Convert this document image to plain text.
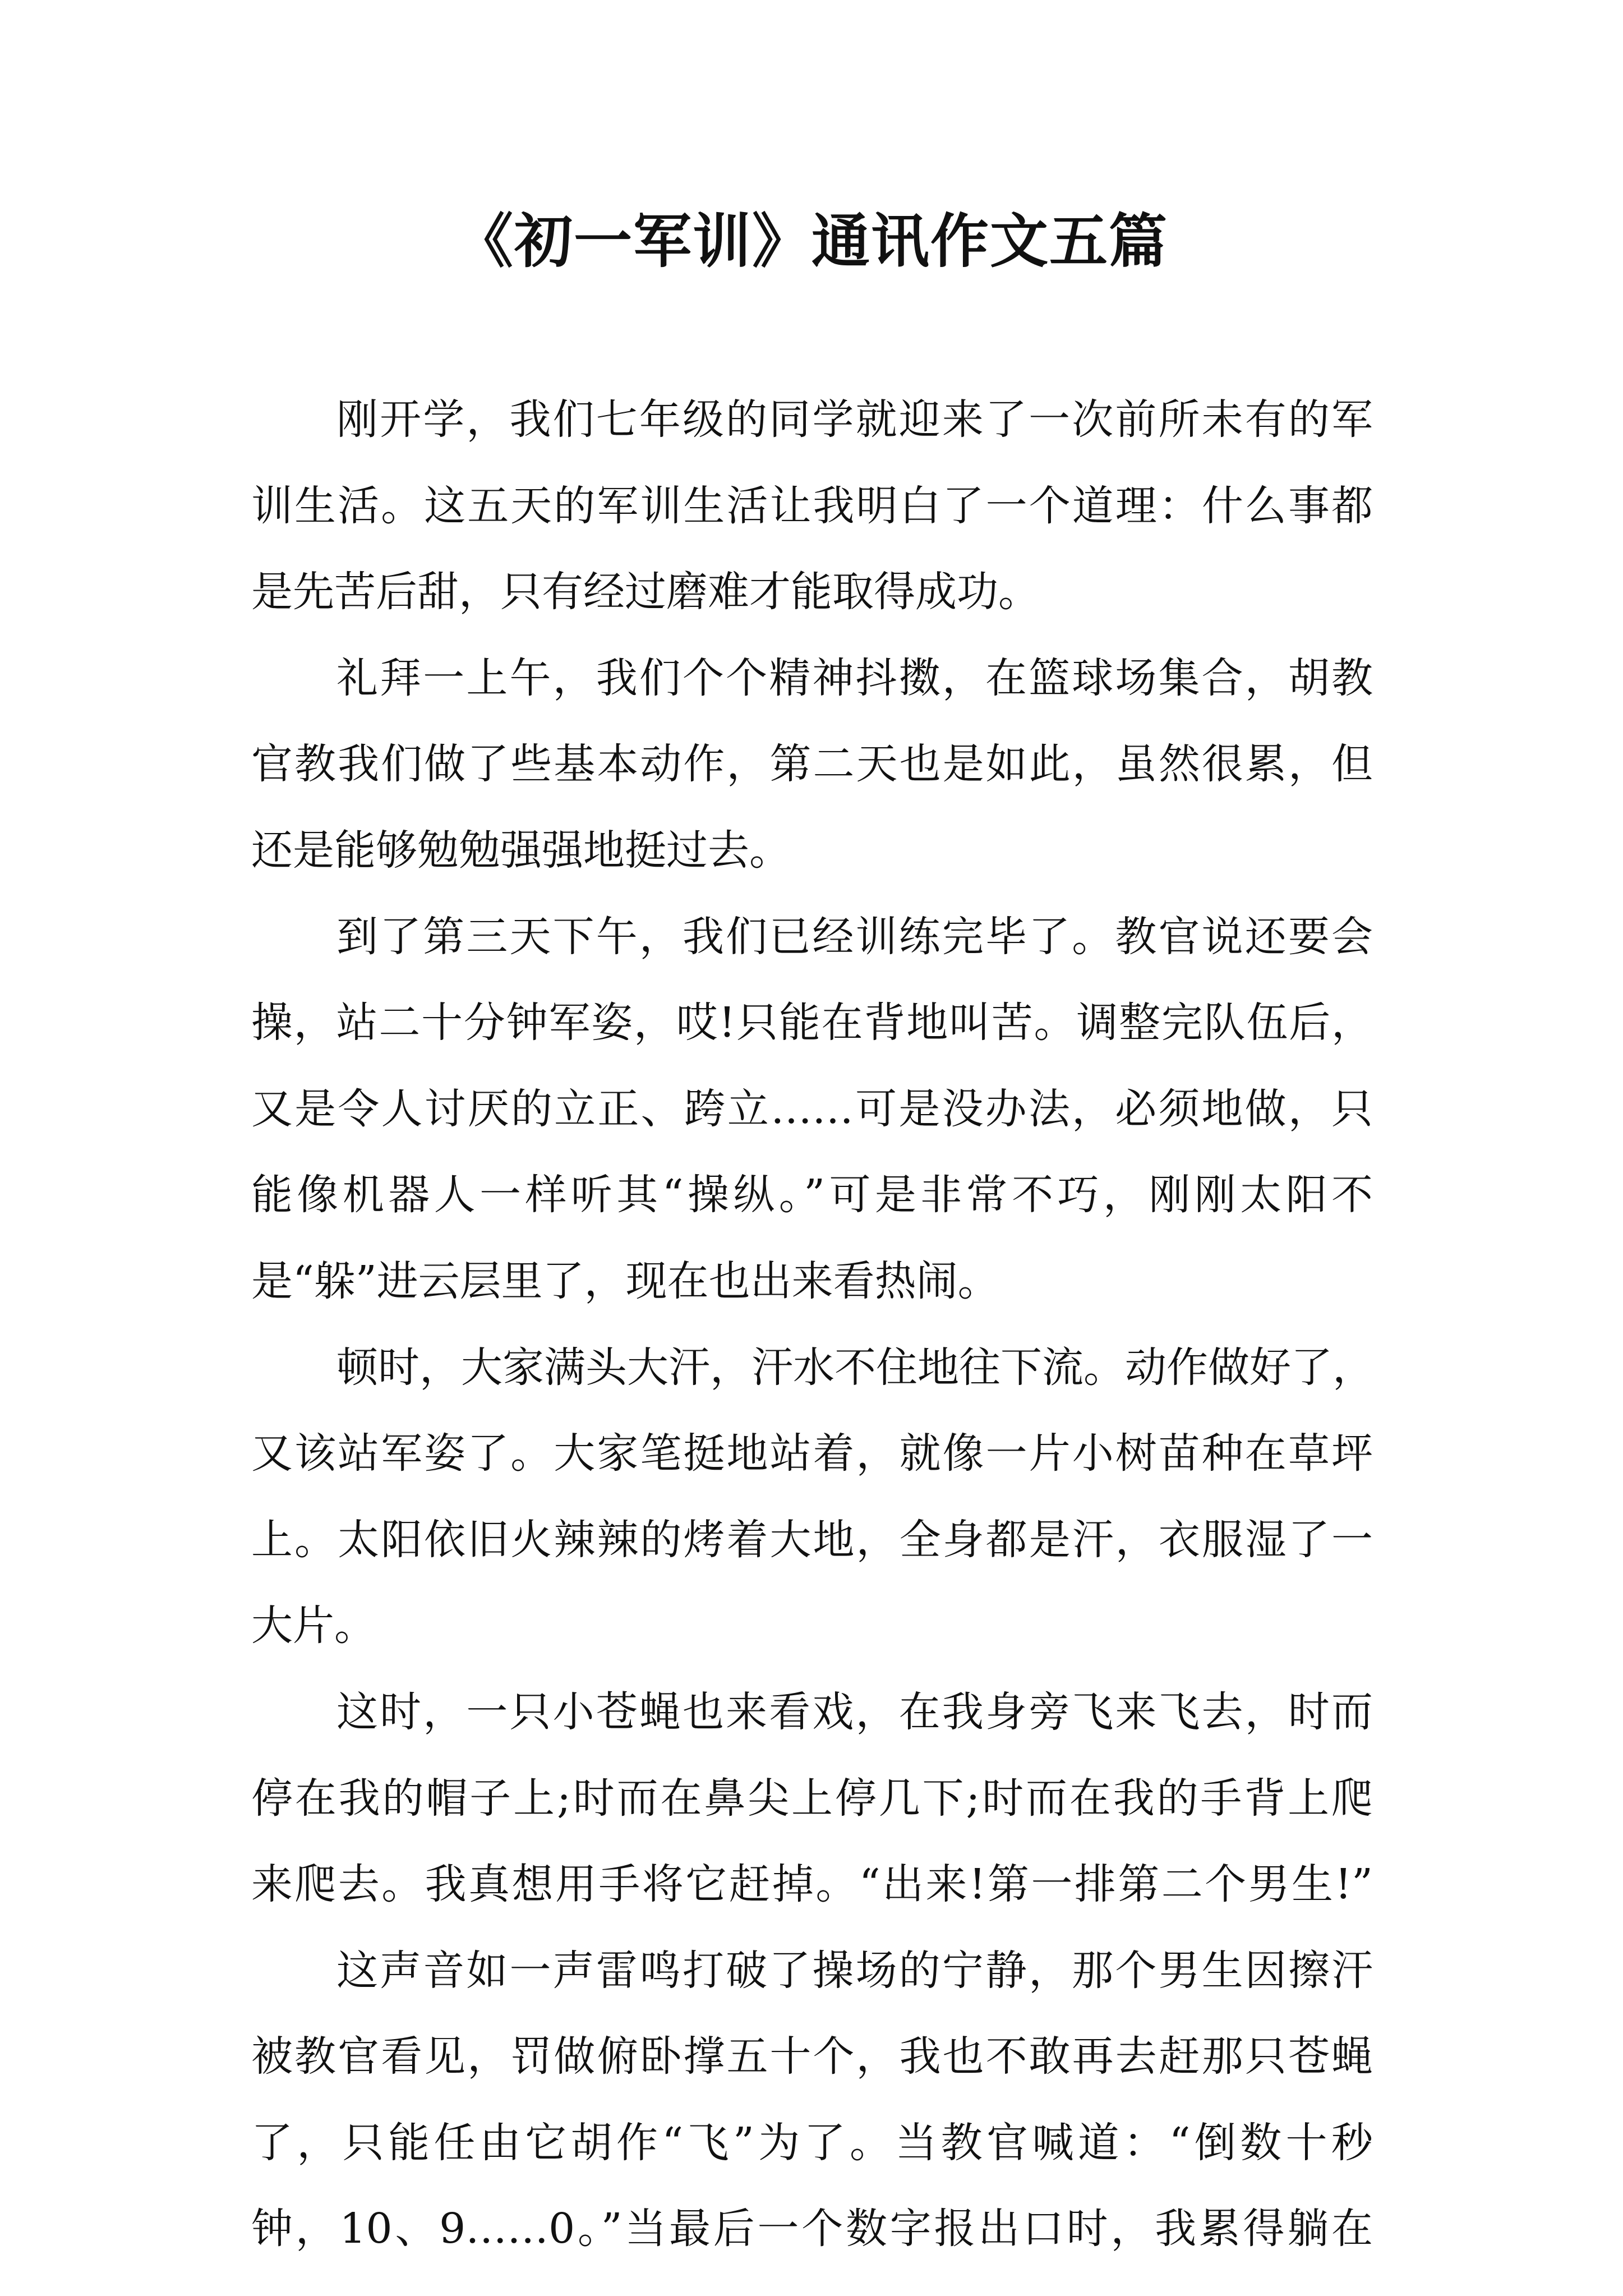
《初一军训》通讯作文五篇
刚开学，我们七年级的同学就迎来了一次前所未有的军
训生活。这五天的军训生活让我明白了一个道理：什么事都
是先苦后甜，只有经过磨难才能取得成功。
礼拜一上午，我们个个精神抖擞，在篮球场集合，胡教
官教我们做了些基本动作，第二天也是如此，虽然很累，但
还是能够勉勉强强地挺过去。
到了第三天下午，我们已经训练完毕了。教官说还要会
操，站二十分钟军姿，哎!只能在背地叫苦。调整完队伍后，
又是令人讨厌的立正、跨立……可是没办法，必须地做，只
能像机器人一样听其“操纵。”可是非常不巧，刚刚太阳不
是“躲”进云层里了，现在也出来看热闹。
顿时，大家满头大汗，汗水不住地往下流。动作做好了，
又该站军姿了。大家笔挺地站着，就像一片小树苗种在草坪
上。太阳依旧火辣辣的烤着大地，全身都是汗，衣服湿了一
大片。
这时，一只小苍蝇也来看戏，在我身旁飞来飞去，时而
停在我的帽子上;时而在鼻尖上停几下;时而在我的手背上爬
来爬去。我真想用手将它赶掉。“出来!第一排第二个男生!”
这声音如一声雷鸣打破了操场的宁静，那个男生因擦汗
被教官看见，罚做俯卧撑五十个，我也不敢再去赶那只苍蝇
了，只能任由它胡作“飞”为了。当教官喊道：“倒数十秒
钟，10、9……0。”当最后一个数字报出口时，我累得躺在
